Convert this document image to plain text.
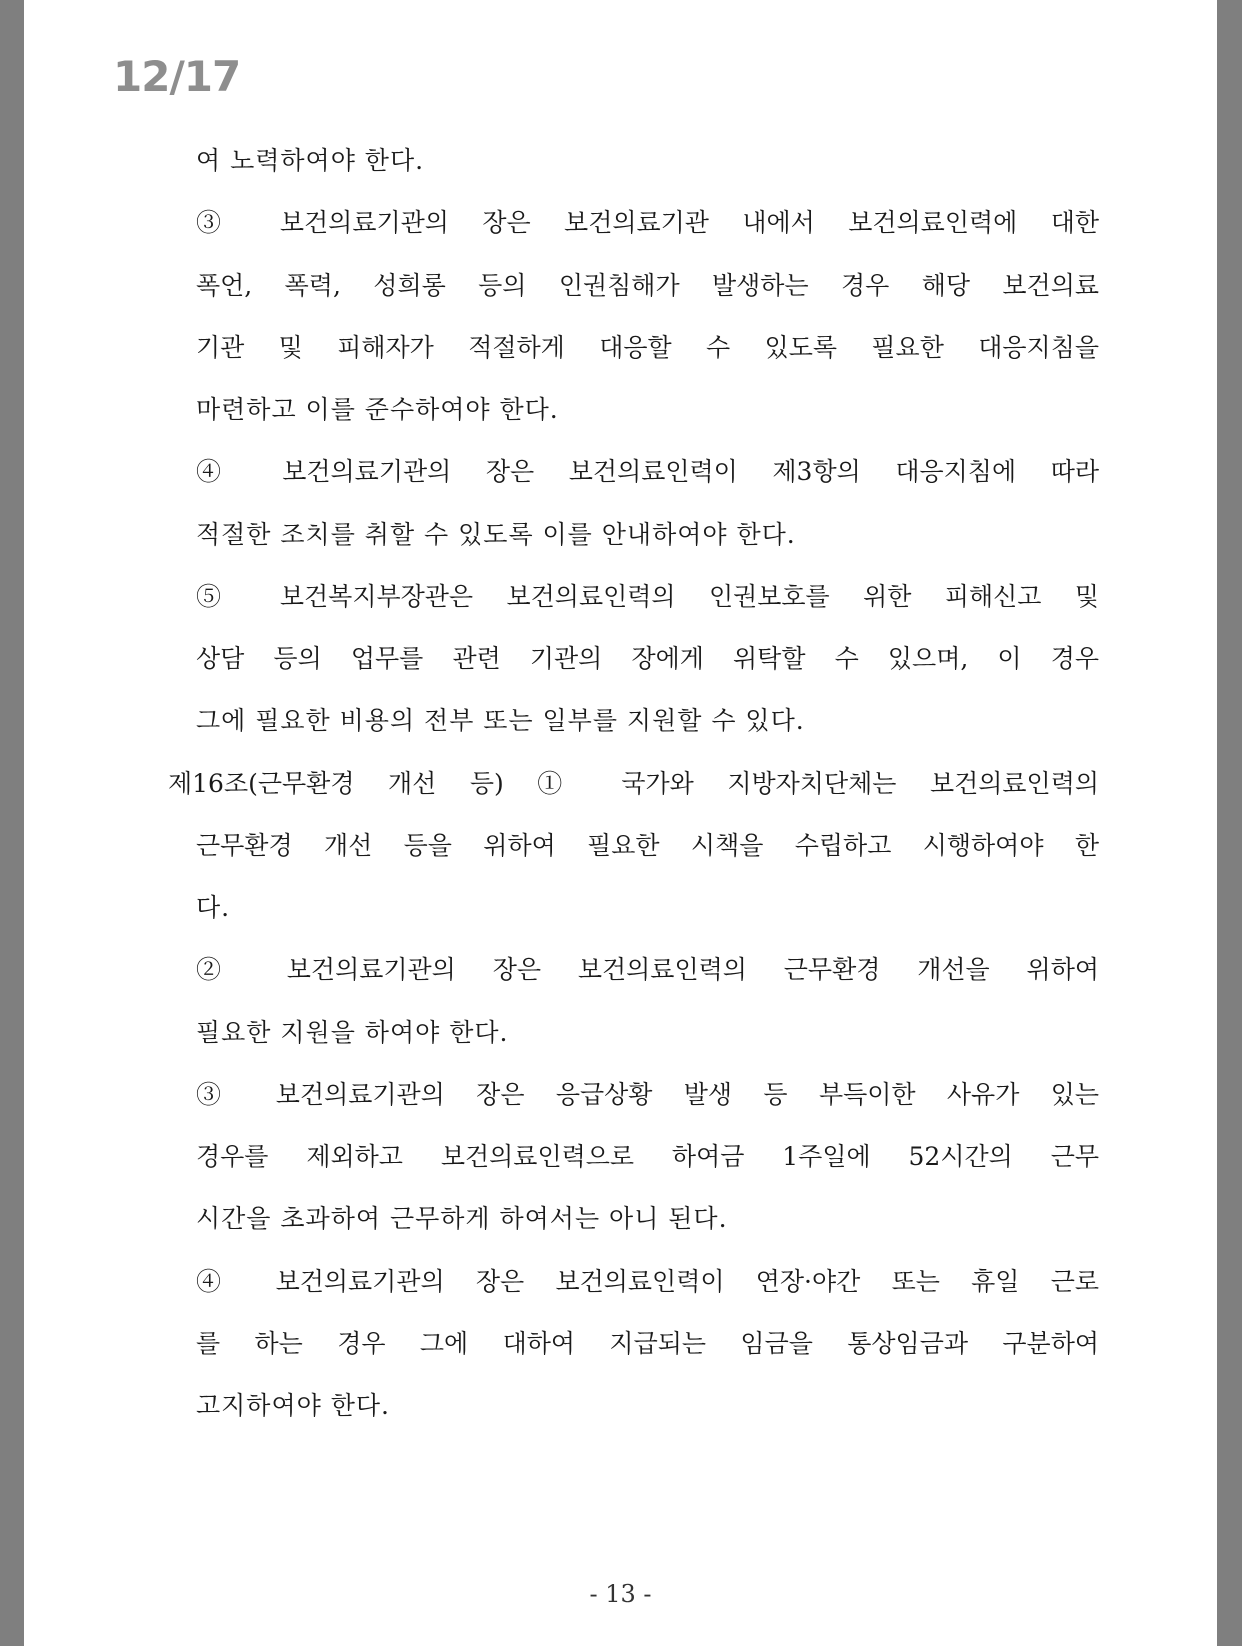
12/17

여 노력하여야 한다.

③ 보건의료기관의 장은 보건의료기관 내에서 보건의료인력에 대한

폭언, 폭력, 성희롱 등의 인권침해가 발생하는 경우 해당 보건의료

기관 및 피해자가 적절하게 대응할 수 있도록 필요한 대응지침을

마련하고 이를 준수하여야 한다.

④ 보건의료기관의 장은 보건의료인력이 제3항의 대응지침에 따라

적절한 조치를 취할 수 있도록 이를 안내하여야 한다.

⑤ 보건복지부장관은 보건의료인력의 인권보호를 위한 피해신고 및

상담 등의 업무를 관련 기관의 장에게 위탁할 수 있으며, 이 경우

그에 필요한 비용의 전부 또는 일부를 지원할 수 있다.

제16조(근무환경 개선 등) ① 국가와 지방자치단체는 보건의료인력의

근무환경 개선 등을 위하여 필요한 시책을 수립하고 시행하여야 한

다.

② 보건의료기관의 장은 보건의료인력의 근무환경 개선을 위하여

필요한 지원을 하여야 한다.

③ 보건의료기관의 장은 응급상황 발생 등 부득이한 사유가 있는

경우를 제외하고 보건의료인력으로 하여금 1주일에 52시간의 근무

시간을 초과하여 근무하게 하여서는 아니 된다.

④ 보건의료기관의 장은 보건의료인력이 연장·야간 또는 휴일 근로

를 하는 경우 그에 대하여 지급되는 임금을 통상임금과 구분하여

고지하여야 한다.

- 13 -
